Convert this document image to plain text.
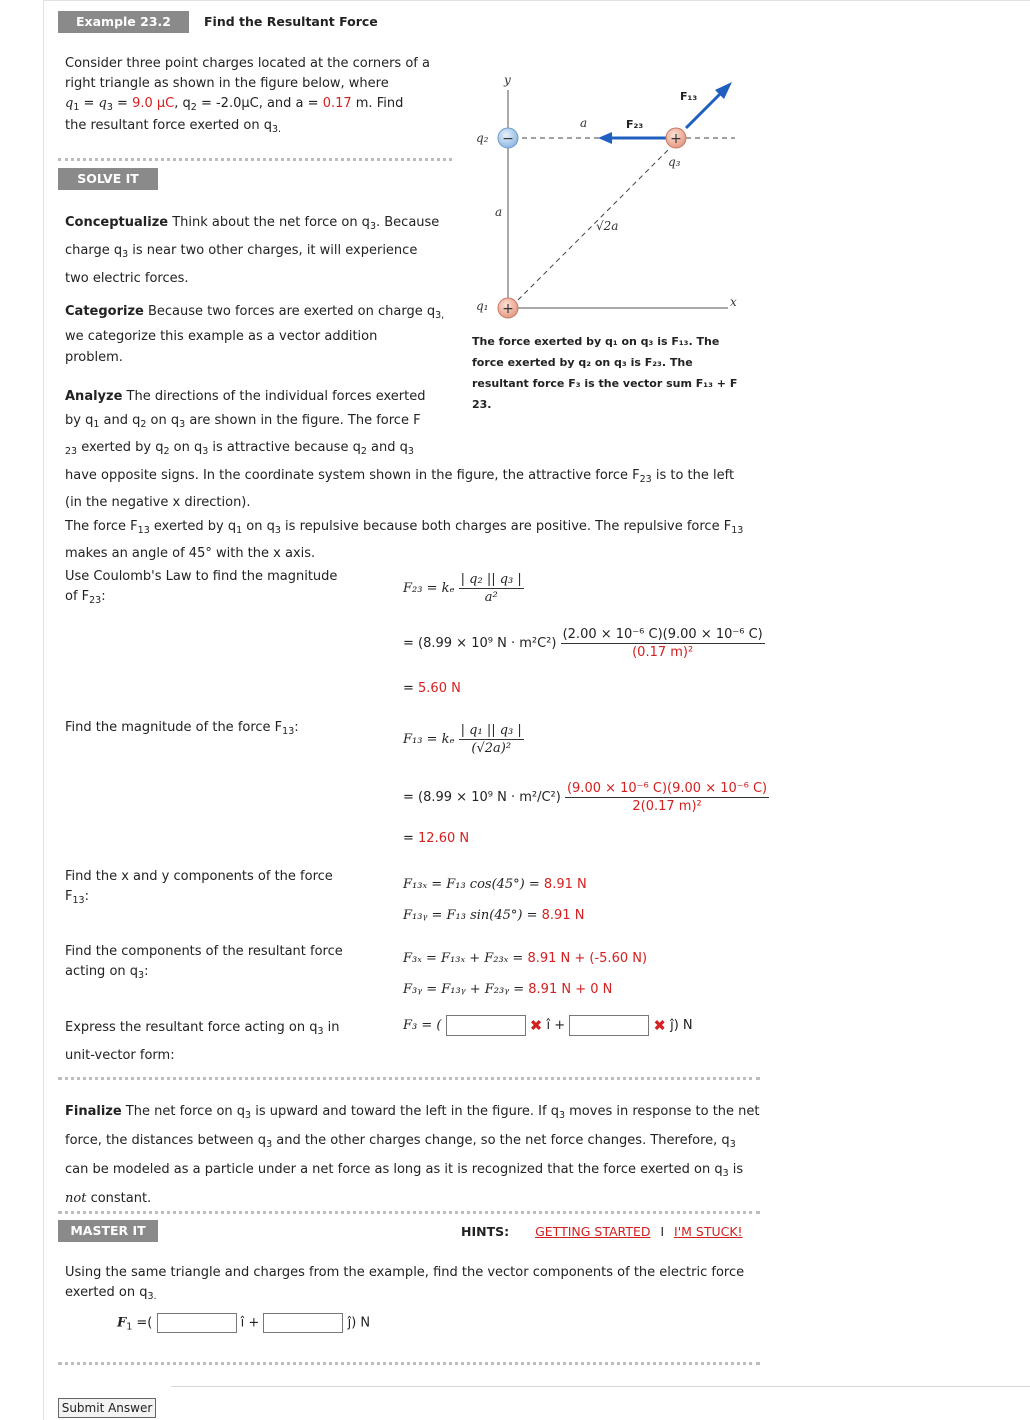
Example 23.2	Find the Resultant Force
Consider three point charges located at the corners of a
right triangle as shown in the figure below, where
$q_1 = q_3 = 9.0$ μC, $q_2 = -2.0\mu C$, and a = 0.17 m. Find
the resultant force exerted on $q_{3.}$
SOLVE IT
Conceptualize Think about the net force on $q_3$. Because
charge $q_3$ is near two other charges, it will experience
two electric forces.
Categorize Because two forces are exerted on charge $q_{3,}$
we categorize this example as a vector addition
problem.
Analyze The directions of the individual forces exerted
by $q_1$ and $q_2$ on $q_3$ are shown in the figure. The force F
$_{23}$ exerted by $q_2$ on $q_3$ is attractive because $q_2$ and $q_3$
have opposite signs. In the coordinate system shown in the figure, the attractive force $F_{23}$ is to the left
(in the negative x direction).
The force $F_{13}$ exerted by $q_1$ on $q_3$ is repulsive because both charges are positive. The repulsive force $F_{13}$
makes an angle of 45° with the x axis.
−	+
+
y
x
a
a
√2a
q₂
q₃
q₁
F₂₃
F₁₃
The force exerted by q₁ on q₃ is F₁₃. The
force exerted by q₂ on q₃ is F₂₃. The
resultant force F₃ is the vector sum F₁₃ + F
23.
Use Coulomb's Law to find the magnitude
of $F_{23}$:
F₂₃ = kₑ $\frac{\text{| q₂ || q₃ |}}{\text{a²}}$
= (8.99 × 10⁹ $N \cdot m^2C^2) \frac{\text{(2.00 × 10⁻⁶ C)(9.00 × 10⁻⁶ C)}}{\text{(0.17 m)²}}$
= 5.60 N
Find the magnitude of the force $F_{13}$:
F₁₃ = kₑ $\frac{\text{| q₁ || q₃ |}}{\text{(√2a)²}}$
= (8.99 × 10⁹ $N \cdot m^2/C^2) \frac{\text{(9.00 × 10⁻⁶ C)(9.00 × 10⁻⁶ C)}}{\text{2(0.17 m)²}}$
= 12.60 N
Find the x and y components of the force
$F_{13}$:
F₁₃ₓ = F₁₃ cos(45°) = 8.91 N
F₁₃ᵧ = F₁₃ sin(45°) = 8.91 N
Find the components of the resultant force
acting on $q_3$:
F₃ₓ = F₁₃ₓ + F₂₃ₓ = 8.91 N + (-5.60 N)
F₃ᵧ = F₁₃ᵧ + F₂₃ᵧ = 8.91 N + 0 N
Express the resultant force acting on $q_3$ in
unit-vector form:
F₃ = (	✖ î +	✖ ĵ) N
Finalize The net force on $q_3$ is upward and toward the left in the figure. If $q_3$ moves in response to the net
force, the distances between $q_3$ and the other charges change, so the net force changes. Therefore, $q_3$
can be modeled as a particle under a net force as long as it is recognized that the force exerted on $q_3$ is
not constant.
MASTER IT	HINTS: GETTING STARTED I I'M STUCK!
Using the same triangle and charges from the example, find the vector components of the electric force
exerted on $q_{3.}$
$F_1$ =(	î +	ĵ) N
Submit Answer
